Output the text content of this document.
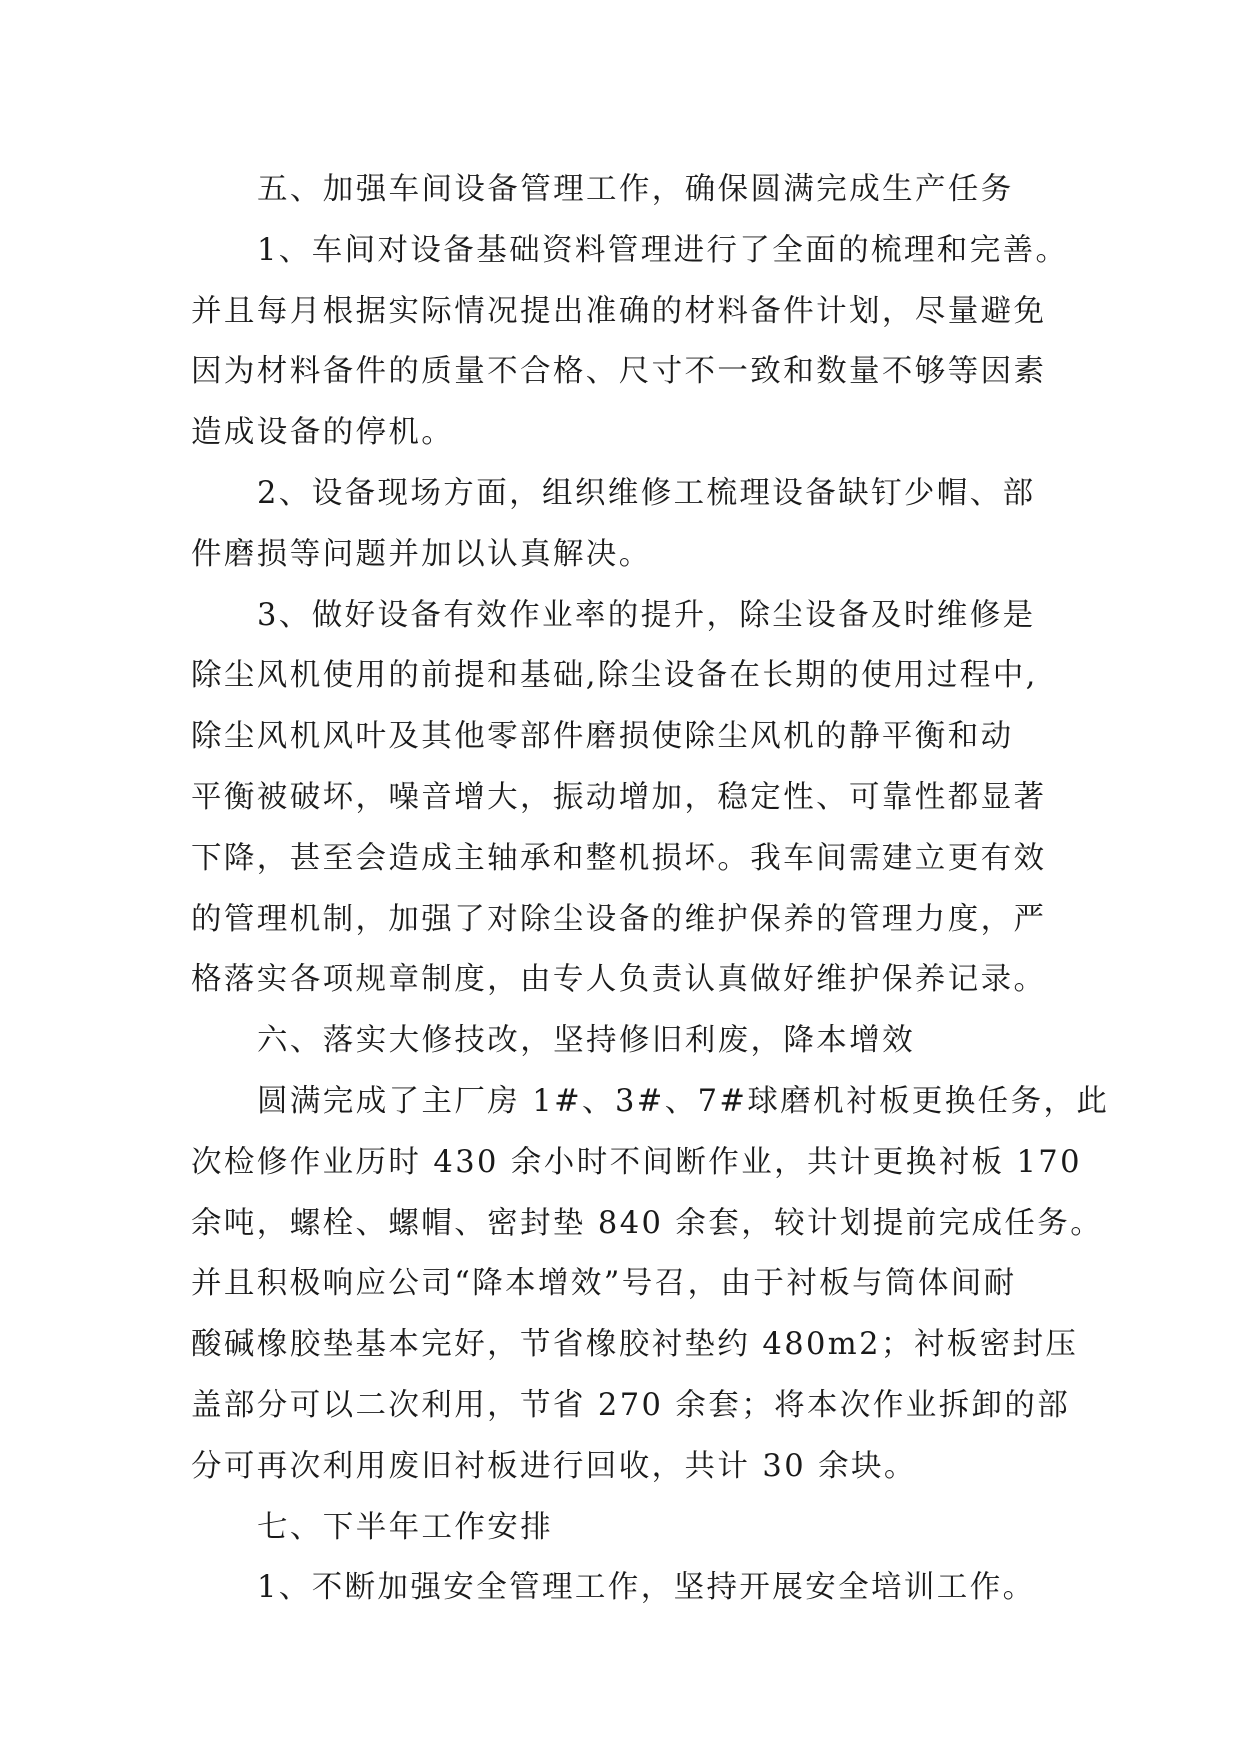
五、加强车间设备管理工作，确保圆满完成生产任务
1、车间对设备基础资料管理进行了全面的梳理和完善。
并且每月根据实际情况提出准确的材料备件计划，尽量避免
因为材料备件的质量不合格、尺寸不一致和数量不够等因素
造成设备的停机。
2、设备现场方面，组织维修工梳理设备缺钉少帽、部
件磨损等问题并加以认真解决。
3、做好设备有效作业率的提升，除尘设备及时维修是
除尘风机使用的前提和基础,除尘设备在长期的使用过程中,
除尘风机风叶及其他零部件磨损使除尘风机的静平衡和动
平衡被破坏，噪音增大，振动增加，稳定性、可靠性都显著
下降，甚至会造成主轴承和整机损坏。我车间需建立更有效
的管理机制，加强了对除尘设备的维护保养的管理力度，严
格落实各项规章制度，由专人负责认真做好维护保养记录。
六、落实大修技改，坚持修旧利废，降本增效
圆满完成了主厂房 1#、3#、7#球磨机衬板更换任务，此
次检修作业历时 430 余小时不间断作业，共计更换衬板 170
余吨，螺栓、螺帽、密封垫 840 余套，较计划提前完成任务。
并且积极响应公司“降本增效”号召，由于衬板与筒体间耐
酸碱橡胶垫基本完好，节省橡胶衬垫约 480m2；衬板密封压
盖部分可以二次利用，节省 270 余套；将本次作业拆卸的部
分可再次利用废旧衬板进行回收，共计 30 余块。
七、下半年工作安排
1、不断加强安全管理工作，坚持开展安全培训工作。
